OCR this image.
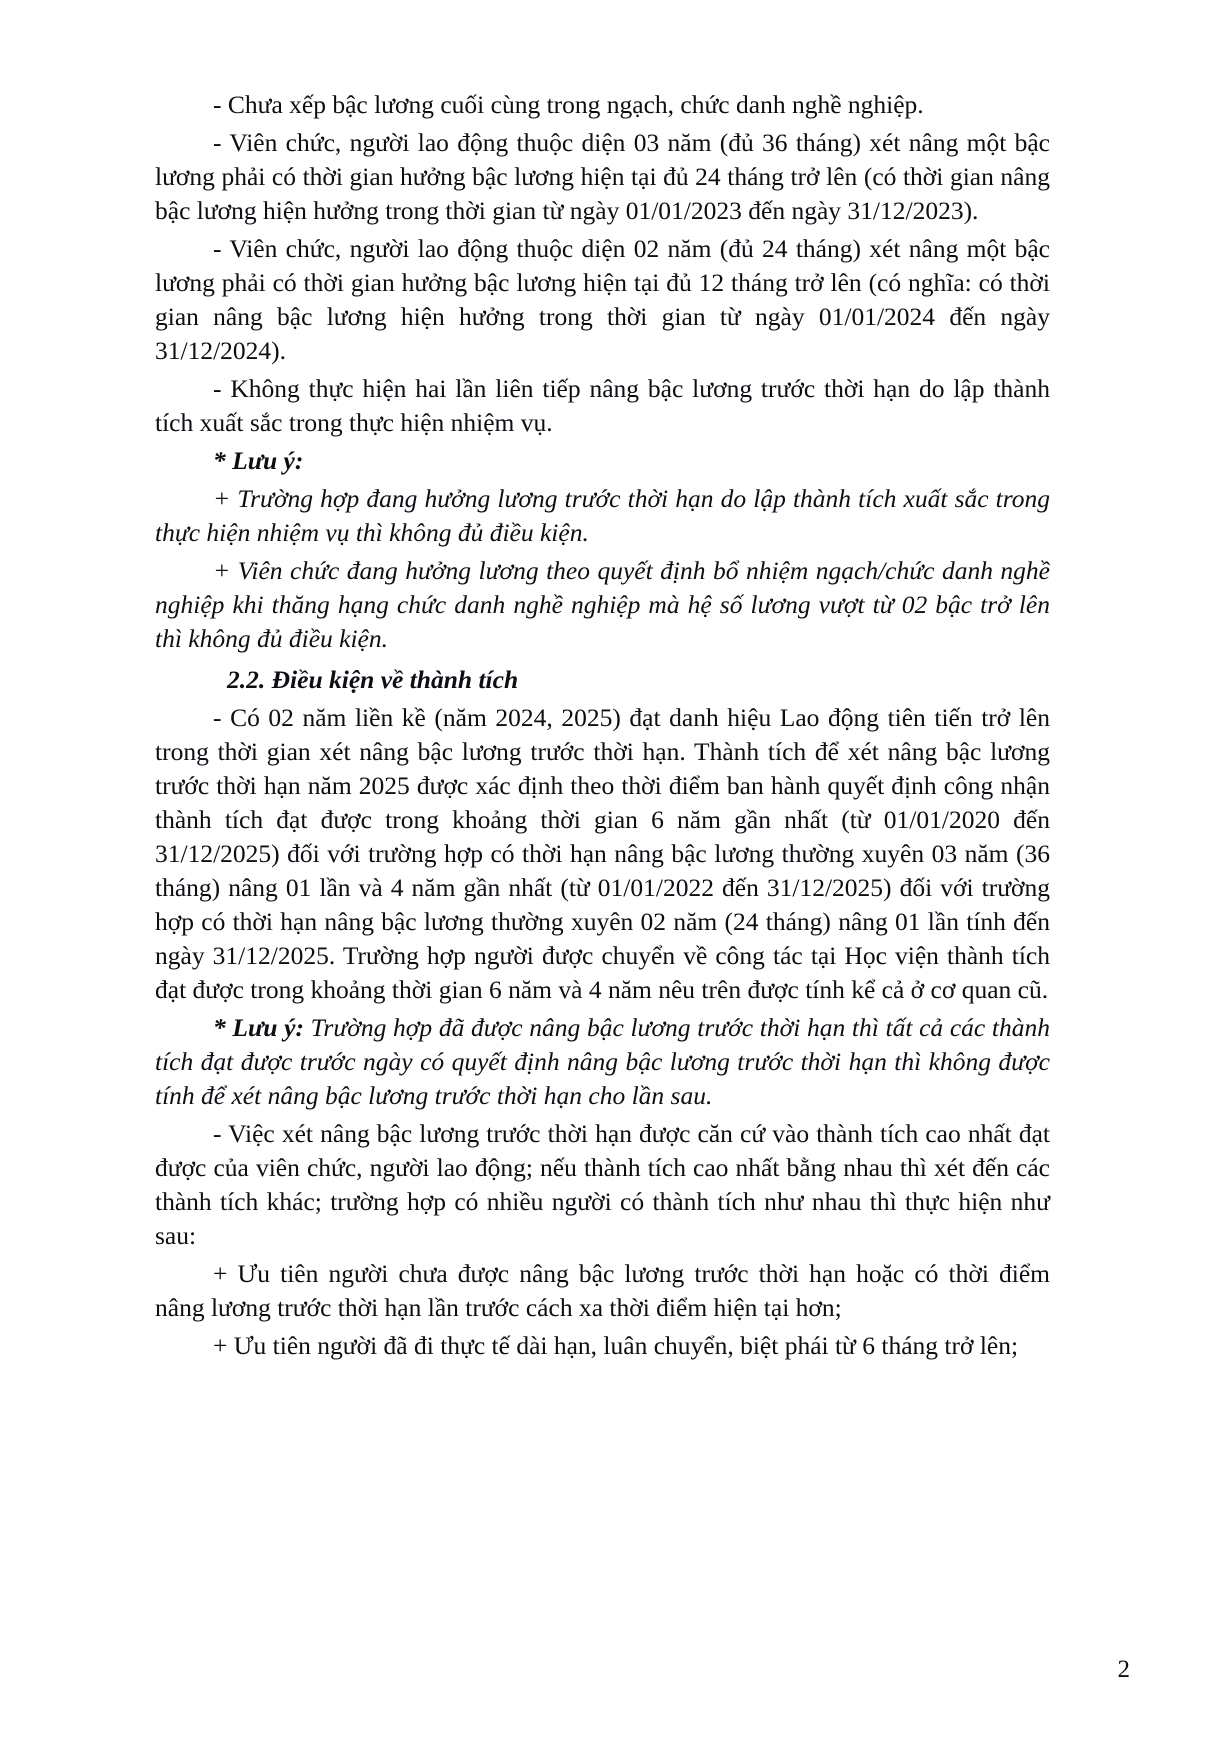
- Chưa xếp bậc lương cuối cùng trong ngạch, chức danh nghề nghiệp.

- Viên chức, người lao động thuộc diện 03 năm (đủ 36 tháng) xét nâng một bậc lương phải có thời gian hưởng bậc lương hiện tại đủ 24 tháng trở lên (có thời gian nâng bậc lương hiện hưởng trong thời gian từ ngày 01/01/2023 đến ngày 31/12/2023).

- Viên chức, người lao động thuộc diện 02 năm (đủ 24 tháng) xét nâng một bậc lương phải có thời gian hưởng bậc lương hiện tại đủ 12 tháng trở lên (có nghĩa: có thời gian nâng bậc lương hiện hưởng trong thời gian từ ngày 01/01/2024 đến ngày 31/12/2024).

- Không thực hiện hai lần liên tiếp nâng bậc lương trước thời hạn do lập thành tích xuất sắc trong thực hiện nhiệm vụ.

* Lưu ý:

+ Trường hợp đang hưởng lương trước thời hạn do lập thành tích xuất sắc trong thực hiện nhiệm vụ thì không đủ điều kiện.

+ Viên chức đang hưởng lương theo quyết định bổ nhiệm ngạch/chức danh nghề nghiệp khi thăng hạng chức danh nghề nghiệp mà hệ số lương vượt từ 02 bậc trở lên thì không đủ điều kiện.

2.2. Điều kiện về thành tích

- Có 02 năm liền kề (năm 2024, 2025) đạt danh hiệu Lao động tiên tiến trở lên trong thời gian xét nâng bậc lương trước thời hạn. Thành tích để xét nâng bậc lương trước thời hạn năm 2025 được xác định theo thời điểm ban hành quyết định công nhận thành tích đạt được trong khoảng thời gian 6 năm gần nhất (từ 01/01/2020 đến 31/12/2025) đối với trường hợp có thời hạn nâng bậc lương thường xuyên 03 năm (36 tháng) nâng 01 lần và 4 năm gần nhất (từ 01/01/2022 đến 31/12/2025) đối với trường hợp có thời hạn nâng bậc lương thường xuyên 02 năm (24 tháng) nâng 01 lần tính đến ngày 31/12/2025. Trường hợp người được chuyển về công tác tại Học viện thành tích đạt được trong khoảng thời gian 6 năm và 4 năm nêu trên được tính kể cả ở cơ quan cũ.

* Lưu ý: Trường hợp đã được nâng bậc lương trước thời hạn thì tất cả các thành tích đạt được trước ngày có quyết định nâng bậc lương trước thời hạn thì không được tính để xét nâng bậc lương trước thời hạn cho lần sau.

- Việc xét nâng bậc lương trước thời hạn được căn cứ vào thành tích cao nhất đạt được của viên chức, người lao động; nếu thành tích cao nhất bằng nhau thì xét đến các thành tích khác; trường hợp có nhiều người có thành tích như nhau thì thực hiện như sau:

+ Ưu tiên người chưa được nâng bậc lương trước thời hạn hoặc có thời điểm nâng lương trước thời hạn lần trước cách xa thời điểm hiện tại hơn;

+ Ưu tiên người đã đi thực tế dài hạn, luân chuyển, biệt phái từ 6 tháng trở lên;

2
